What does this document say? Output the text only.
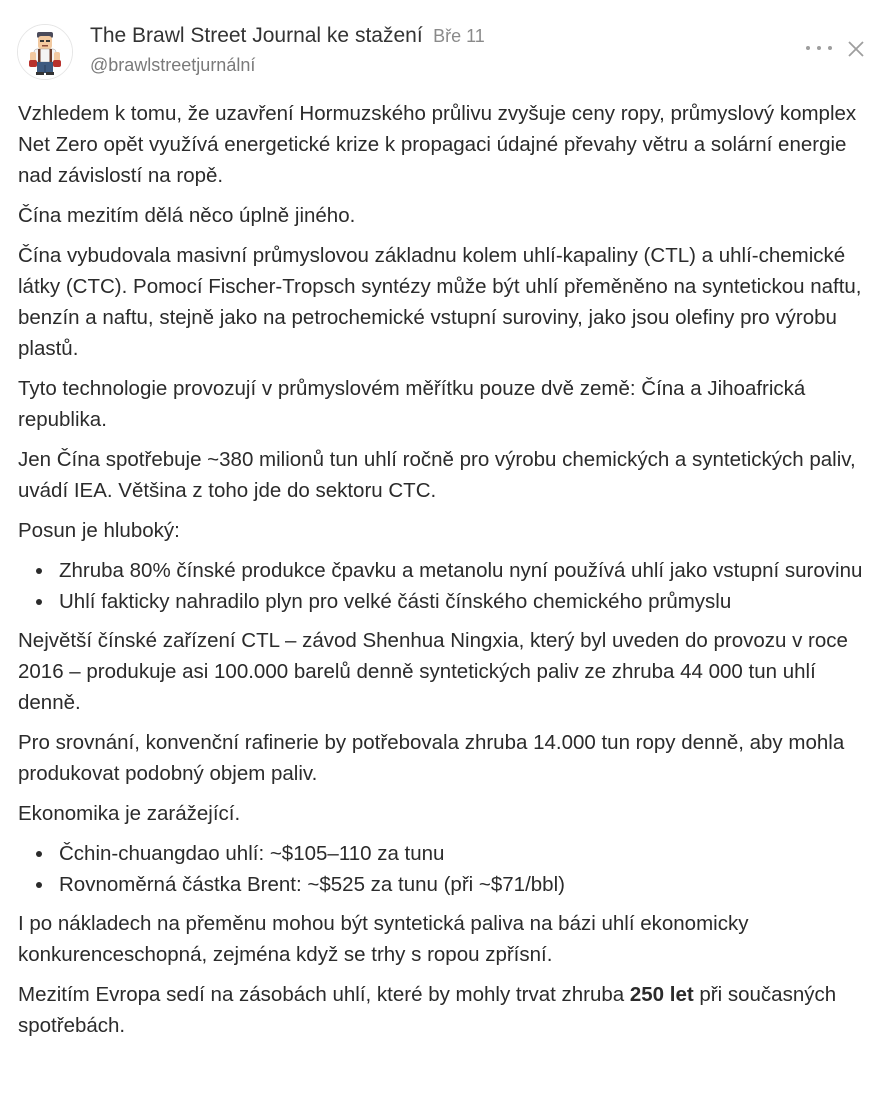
The Brawl Street Journal ke stažení Bře 11
@brawlstreetjurnální

Vzhledem k tomu, že uzavření Hormuzského průlivu zvyšuje ceny ropy, průmyslový komplex Net Zero opět využívá energetické krize k propagaci údajné převahy větru a solární energie nad závislostí na ropě.

Čína mezitím dělá něco úplně jiného.

Čína vybudovala masivní průmyslovou základnu kolem uhlí-kapaliny (CTL) a uhlí-chemické látky (CTC). Pomocí Fischer-Tropsch syntézy může být uhlí přeměněno na syntetickou naftu, benzín a naftu, stejně jako na petrochemické vstupní suroviny, jako jsou olefiny pro výrobu plastů.

Tyto technologie provozují v průmyslovém měřítku pouze dvě země: Čína a Jihoafrická republika.

Jen Čína spotřebuje ~380 milionů tun uhlí ročně pro výrobu chemických a syntetických paliv, uvádí IEA. Většina z toho jde do sektoru CTC.

Posun je hluboký:

Zhruba 80% čínské produkce čpavku a metanolu nyní používá uhlí jako vstupní surovinu
Uhlí fakticky nahradilo plyn pro velké části čínského chemického průmyslu

Největší čínské zařízení CTL – závod Shenhua Ningxia, který byl uveden do provozu v roce 2016 – produkuje asi 100.000 barelů denně syntetických paliv ze zhruba 44 000 tun uhlí denně.

Pro srovnání, konvenční rafinerie by potřebovala zhruba 14.000 tun ropy denně, aby mohla produkovat podobný objem paliv.

Ekonomika je zarážející.

Čchin-chuangdao uhlí: ~$105–110 za tunu
Rovnoměrná částka Brent: ~$525 za tunu (při ~$71/bbl)

I po nákladech na přeměnu mohou být syntetická paliva na bázi uhlí ekonomicky konkurenceschopná, zejména když se trhy s ropou zpřísní.

Mezitím Evropa sedí na zásobách uhlí, které by mohly trvat zhruba 250 let při současných spotřebách.
